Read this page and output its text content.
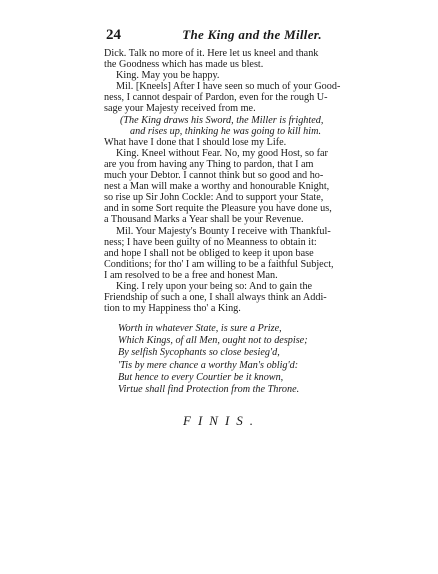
24	The King and the Miller.
Dick. Talk no more of it. Here let us kneel and thank
the Goodness which has made us blest.
King. May you be happy.
Mil. [Kneels] After I have seen so much of your Good-
ness, I cannot despair of Pardon, even for the rough U-
sage your Majesty received from me.
(The King draws his Sword, the Miller is frighted,
and rises up, thinking he was going to kill him.
What have I done that I should lose my Life.
King. Kneel without Fear. No, my good Host, so far
are you from having any Thing to pardon, that I am
much your Debtor. I cannot think but so good and ho-
nest a Man will make a worthy and honourable Knight,
so rise up Sir John Cockle: And to support your State,
and in some Sort requite the Pleasure you have done us,
a Thousand Marks a Year shall be your Revenue.
Mil. Your Majesty's Bounty I receive with Thankful-
ness; I have been guilty of no Meanness to obtain it:
and hope I shall not be obliged to keep it upon base
Conditions; for tho' I am willing to be a faithful Subject,
I am resolved to be a free and honest Man.
King. I rely upon your being so: And to gain the
Friendship of such a one, I shall always think an Addi-
tion to my Happiness tho' a King.
Worth in whatever State, is sure a Prize,
Which Kings, of all Men, ought not to despise;
By selfish Sycophants so close besieg'd,
'Tis by mere chance a worthy Man's oblig'd:
But hence to every Courtier be it known,
Virtue shall find Protection from the Throne.
FINIS.
